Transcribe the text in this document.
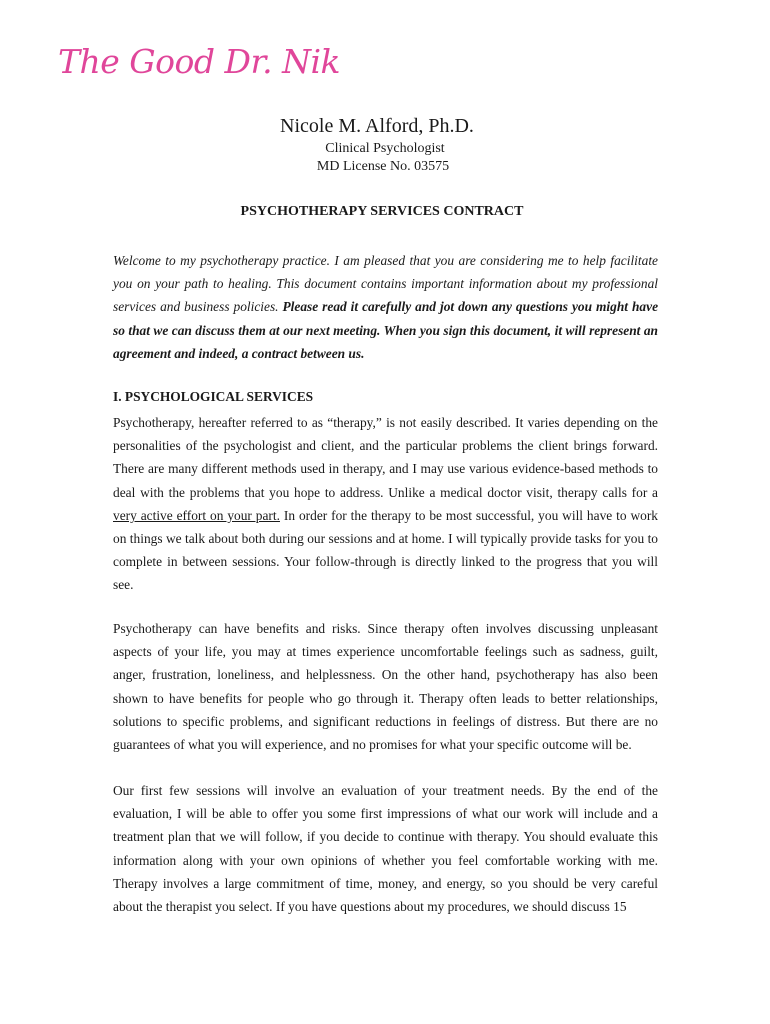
The Good Dr. Nik
Nicole M. Alford, Ph.D.
Clinical Psychologist
MD License No. 03575
PSYCHOTHERAPY SERVICES CONTRACT
Welcome to my psychotherapy practice. I am pleased that you are considering me to help facilitate you on your path to healing. This document contains important information about my professional services and business policies. Please read it carefully and jot down any questions you might have so that we can discuss them at our next meeting. When you sign this document, it will represent an agreement and indeed, a contract between us.
I. PSYCHOLOGICAL SERVICES
Psychotherapy, hereafter referred to as “therapy,” is not easily described. It varies depending on the personalities of the psychologist and client, and the particular problems the client brings forward. There are many different methods used in therapy, and I may use various evidence-based methods to deal with the problems that you hope to address. Unlike a medical doctor visit, therapy calls for a very active effort on your part. In order for the therapy to be most successful, you will have to work on things we talk about both during our sessions and at home. I will typically provide tasks for you to complete in between sessions. Your follow-through is directly linked to the progress that you will see.
Psychotherapy can have benefits and risks. Since therapy often involves discussing unpleasant aspects of your life, you may at times experience uncomfortable feelings such as sadness, guilt, anger, frustration, loneliness, and helplessness. On the other hand, psychotherapy has also been shown to have benefits for people who go through it. Therapy often leads to better relationships, solutions to specific problems, and significant reductions in feelings of distress. But there are no guarantees of what you will experience, and no promises for what your specific outcome will be.
Our first few sessions will involve an evaluation of your treatment needs. By the end of the evaluation, I will be able to offer you some first impressions of what our work will include and a treatment plan that we will follow, if you decide to continue with therapy. You should evaluate this information along with your own opinions of whether you feel comfortable working with me. Therapy involves a large commitment of time, money, and energy, so you should be very careful about the therapist you select. If you have questions about my procedures, we should discuss 15
